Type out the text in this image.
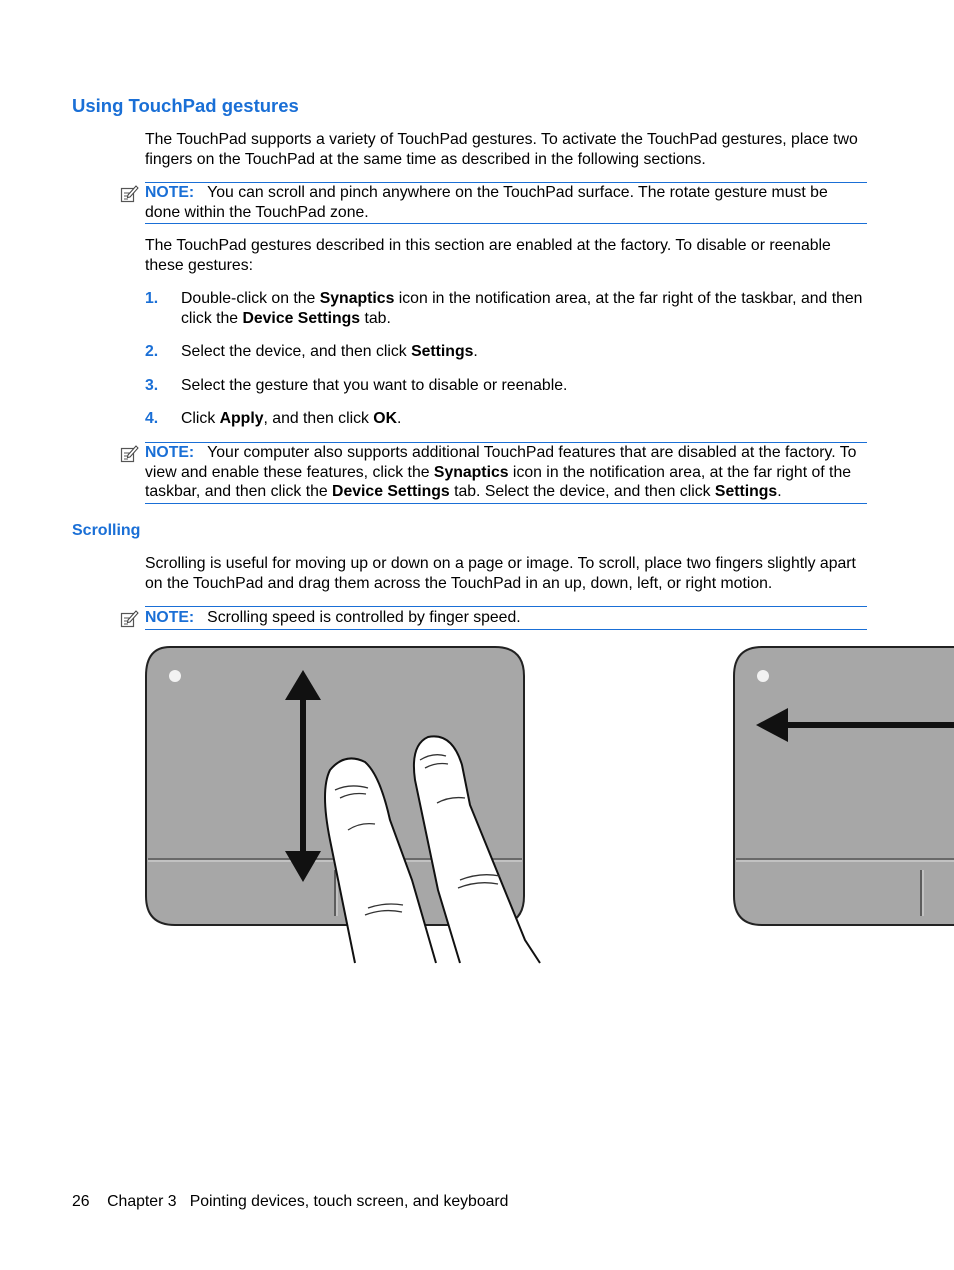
Using TouchPad gestures
The TouchPad supports a variety of TouchPad gestures. To activate the TouchPad gestures, place two fingers on the TouchPad at the same time as described in the following sections.
NOTE: You can scroll and pinch anywhere on the TouchPad surface. The rotate gesture must be done within the TouchPad zone.
The TouchPad gestures described in this section are enabled at the factory. To disable or reenable these gestures:
1. Double-click on the Synaptics icon in the notification area, at the far right of the taskbar, and then click the Device Settings tab.
2. Select the device, and then click Settings.
3. Select the gesture that you want to disable or reenable.
4. Click Apply, and then click OK.
NOTE: Your computer also supports additional TouchPad features that are disabled at the factory. To view and enable these features, click the Synaptics icon in the notification area, at the far right of the taskbar, and then click the Device Settings tab. Select the device, and then click Settings.
Scrolling
Scrolling is useful for moving up or down on a page or image. To scroll, place two fingers slightly apart on the TouchPad and drag them across the TouchPad in an up, down, left, or right motion.
NOTE: Scrolling speed is controlled by finger speed.
26 Chapter 3 Pointing devices, touch screen, and keyboard
